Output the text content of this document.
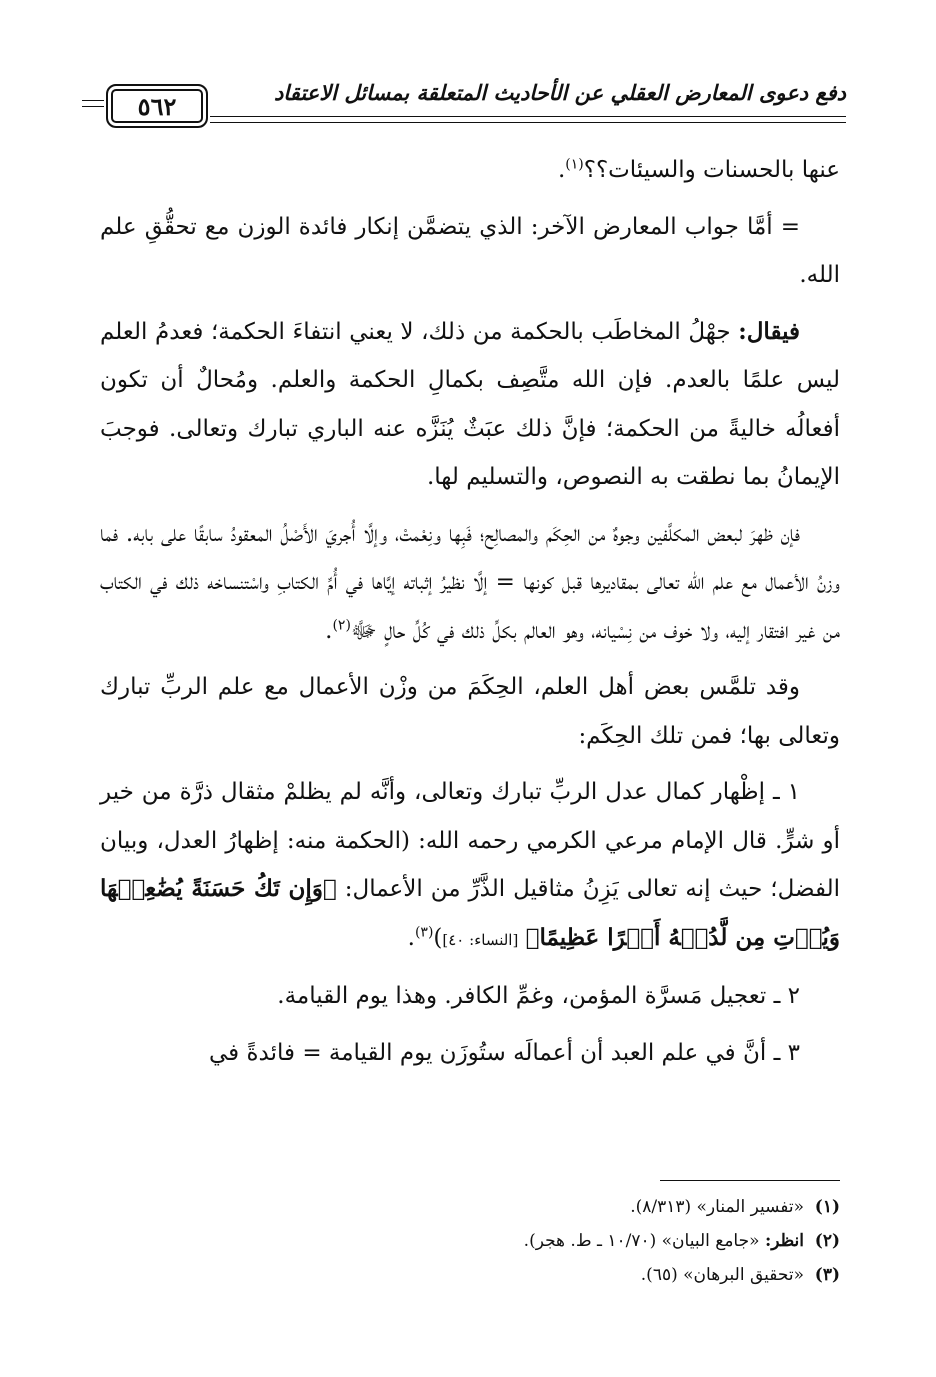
دفع دعوى المعارض العقلي عن الأحاديث المتعلقة بمسائل الاعتقاد
٥٦٢

عنها بالحسنات والسيئات؟؟$^{(١)}$.

= أمَّا جواب المعارض الآخر: الذي يتضمَّن إنكار فائدة الوزن مع تحقُّقِ علم الله.

فيقال: جهْلُ المخاطَب بالحكمة من ذلك، لا يعني انتفاءَ الحكمة؛ فعدمُ العلم ليس علمًا بالعدم. فإن الله متَّصِف بكمالِ الحكمة والعلم. ومُحالٌ أن تكون أفعالُه خاليةً من الحكمة؛ فإنَّ ذلك عبَثٌ يُنَزَّه عنه الباري تبارك وتعالى. فوجبَ الإيمانُ بما نطقت به النصوص، والتسليم لها.

فإن ظهرَ لبعض المكلَّفين وجوهٌ من الحِكَم والمصالِح؛ فَبِها ونِعْمتْ، وإلَّا أُجريَ الأَصْلُ المعقودُ سابقًا على بابه. فما وزنُ الأعمال مع علم الله تعالى بمقاديرها قبل كونها = إلَّا نظيرُ إثباته إيَّاها في أُمِّ الكتابِ واسْتنساخه ذلك في الكتاب من غير افتقار إليه، ولا خوف من نِسْيانه، وهو العالم بكلِّ ذلك في كُلِّ حالٍ ﷻ$^{(٢)}$.

وقد تلمَّس بعض أهل العلم، الحِكَمَ من وزْن الأعمال مع علم الربِّ تبارك وتعالى بها؛ فمن تلك الحِكَم:

١ ـ إظْهار كمال عدل الربِّ تبارك وتعالى، وأنَّه لم يظلمْ مثقال ذرَّة من خير أو شرٍّ. قال الإمام مرعي الكرمي رحمه الله: (الحكمة منه: إظهارُ العدل، وبيان الفضل؛ حيث إنه تعالى يَزِنُ مثاقيل الذَّرِّ من الأعمال: ﴿وَإِن تَكُ حَسَنَةً يُضَٰعِفۡهَا وَيُؤۡتِ مِن لَّدُنۡهُ أَجۡرًا عَظِيمًا﴾ [النساء: ٤٠])$^{(٣)}$.

٢ ـ تعجيل مَسرَّة المؤمن، وغمِّ الكافر. وهذا يوم القيامة.

٣ ـ أنَّ في علم العبد أن أعمالَه ستُوزَن يوم القيامة = فائدةً في

(١)«تفسير المنار» (٨/٣١٣).
(٢)انظر: «جامع البيان» (١٠/٧٠ ـ ط. هجر).
(٣)«تحقيق البرهان» (٦٥).
